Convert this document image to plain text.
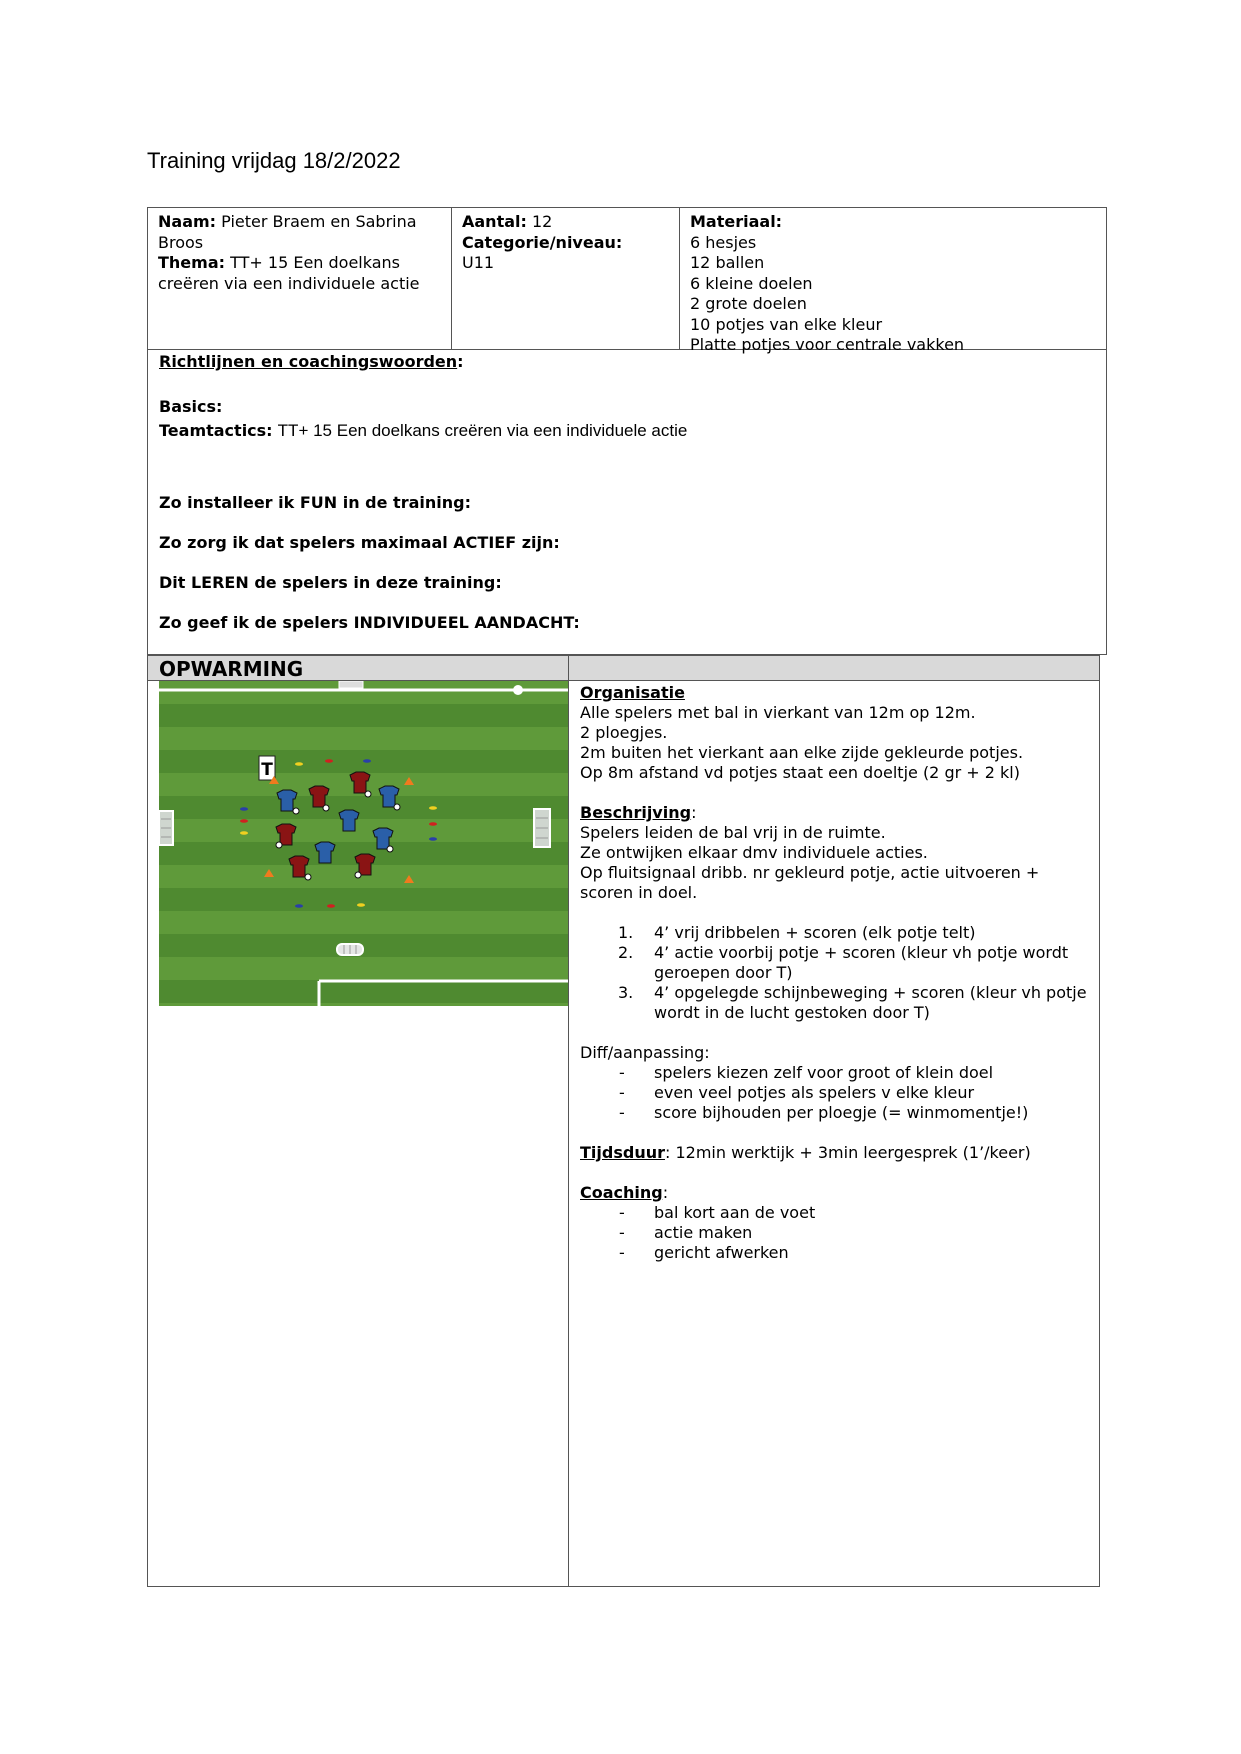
Training vrijdag 18/2/2022
Naam: Pieter Braem en Sabrina Broos
Thema: TT+ 15 Een doelkans creëren via een individuele actie
Aantal: 12
Categorie/niveau:
U11
Materiaal:
6 hesjes
12 ballen
6 kleine doelen
2 grote doelen
10 potjes van elke kleur
Platte potjes voor centrale vakken
Richtlijnen en coachingswoorden:
Basics:
Teamtactics: TT+ 15 Een doelkans creëren via een individuele actie
Zo installeer ik FUN in de training:
Zo zorg ik dat spelers maximaal ACTIEF zijn:
Dit LEREN de spelers in deze training:
Zo geef ik de spelers INDIVIDUEEL AANDACHT:
OPWARMING
T

Organisatie

Alle spelers met bal in vierkant van 12m op 12m.

2 ploegjes.

2m buiten het vierkant aan elke zijde gekleurde potjes.

Op 8m afstand vd potjes staat een doeltje (2 gr + 2 kl)

Beschrijving:

Spelers leiden de bal vrij in de ruimte.

Ze ontwijken elkaar dmv individuele acties.

Op fluitsignaal dribb. nr gekleurd potje, actie uitvoeren + scoren in doel.

1. 4’ vrij dribbelen + scoren (elk potje telt)
2. 4’ actie voorbij potje + scoren (kleur vh potje wordt geroepen door T)
3. 4’ opgelegde schijnbeweging + scoren (kleur vh potje wordt in de lucht gestoken door T)

Diff/aanpassing:

- spelers kiezen zelf voor groot of klein doel
- even veel potjes als spelers v elke kleur
- score bijhouden per ploegje (= winmomentje!)

Tijdsduur: 12min werktijk + 3min leergesprek (1’/keer)

Coaching:

- bal kort aan de voet
- actie maken
- gericht afwerken
